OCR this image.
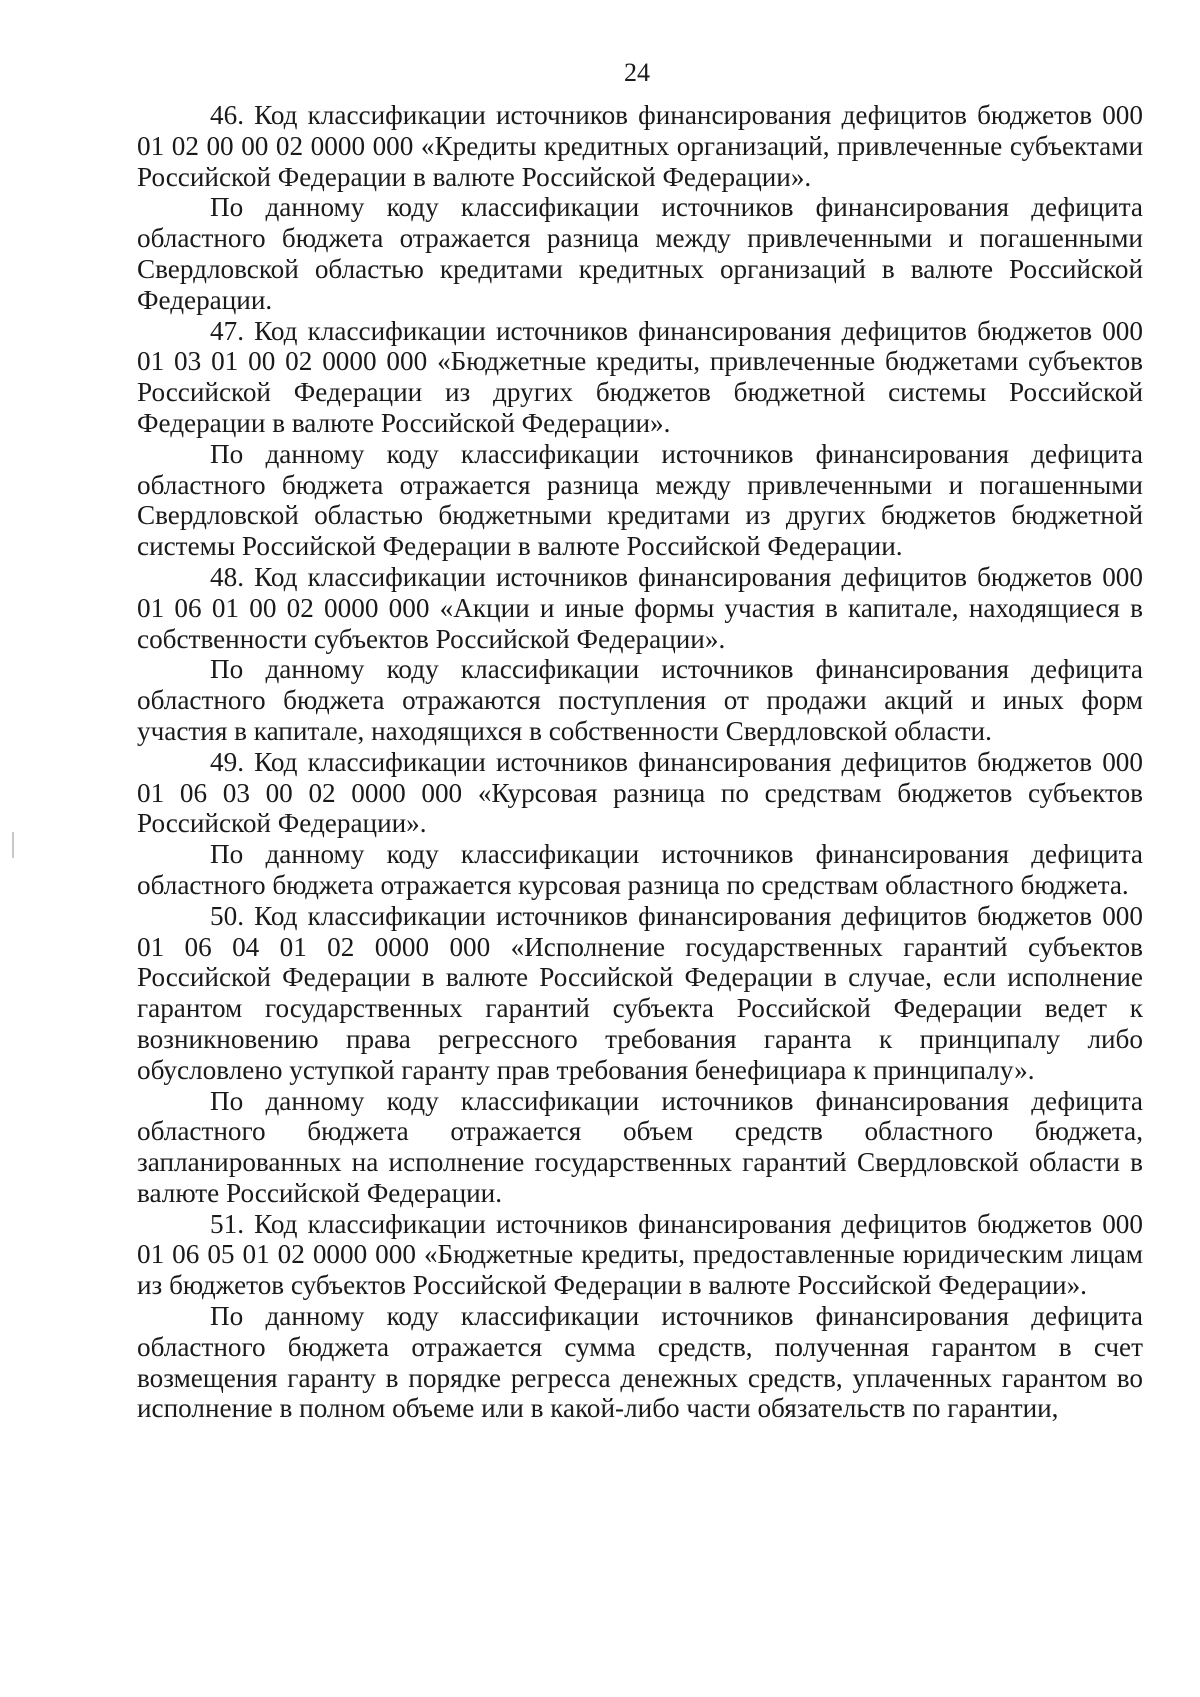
24

46. Код классификации источников финансирования дефицитов бюджетов 000 01 02 00 00 02 0000 000 «Кредиты кредитных организаций, привлеченные субъектами Российской Федерации в валюте Российской Федерации».

По данному коду классификации источников финансирования дефицита областного бюджета отражается разница между привлеченными и погашенными Свердловской областью кредитами кредитных организаций в валюте Российской Федерации.

47. Код классификации источников финансирования дефицитов бюджетов 000 01 03 01 00 02 0000 000 «Бюджетные кредиты, привлеченные бюджетами субъектов Российской Федерации из других бюджетов бюджетной системы Российской Федерации в валюте Российской Федерации».

По данному коду классификации источников финансирования дефицита областного бюджета отражается разница между привлеченными и погашенными Свердловской областью бюджетными кредитами из других бюджетов бюджетной системы Российской Федерации в валюте Российской Федерации.

48. Код классификации источников финансирования дефицитов бюджетов 000 01 06 01 00 02 0000 000 «Акции и иные формы участия в капитале, находящиеся в собственности субъектов Российской Федерации».

По данному коду классификации источников финансирования дефицита областного бюджета отражаются поступления от продажи акций и иных форм участия в капитале, находящихся в собственности Свердловской области.

49. Код классификации источников финансирования дефицитов бюджетов 000 01 06 03 00 02 0000 000 «Курсовая разница по средствам бюджетов субъектов Российской Федерации».

По данному коду классификации источников финансирования дефицита областного бюджета отражается курсовая разница по средствам областного бюджета.

50. Код классификации источников финансирования дефицитов бюджетов 000 01 06 04 01 02 0000 000 «Исполнение государственных гарантий субъектов Российской Федерации в валюте Российской Федерации в случае, если исполнение гарантом государственных гарантий субъекта Российской Федерации ведет к возникновению права регрессного требования гаранта к принципалу либо обусловлено уступкой гаранту прав требования бенефициара к принципалу».

По данному коду классификации источников финансирования дефицита областного бюджета отражается объем средств областного бюджета, запланированных на исполнение государственных гарантий Свердловской области в валюте Российской Федерации.

51. Код классификации источников финансирования дефицитов бюджетов 000 01 06 05 01 02 0000 000 «Бюджетные кредиты, предоставленные юридическим лицам из бюджетов субъектов Российской Федерации в валюте Российской Федерации».

По данному коду классификации источников финансирования дефицита областного бюджета отражается сумма средств, полученная гарантом в счет возмещения гаранту в порядке регресса денежных средств, уплаченных гарантом во исполнение в полном объеме или в какой-либо части обязательств по гарантии,
